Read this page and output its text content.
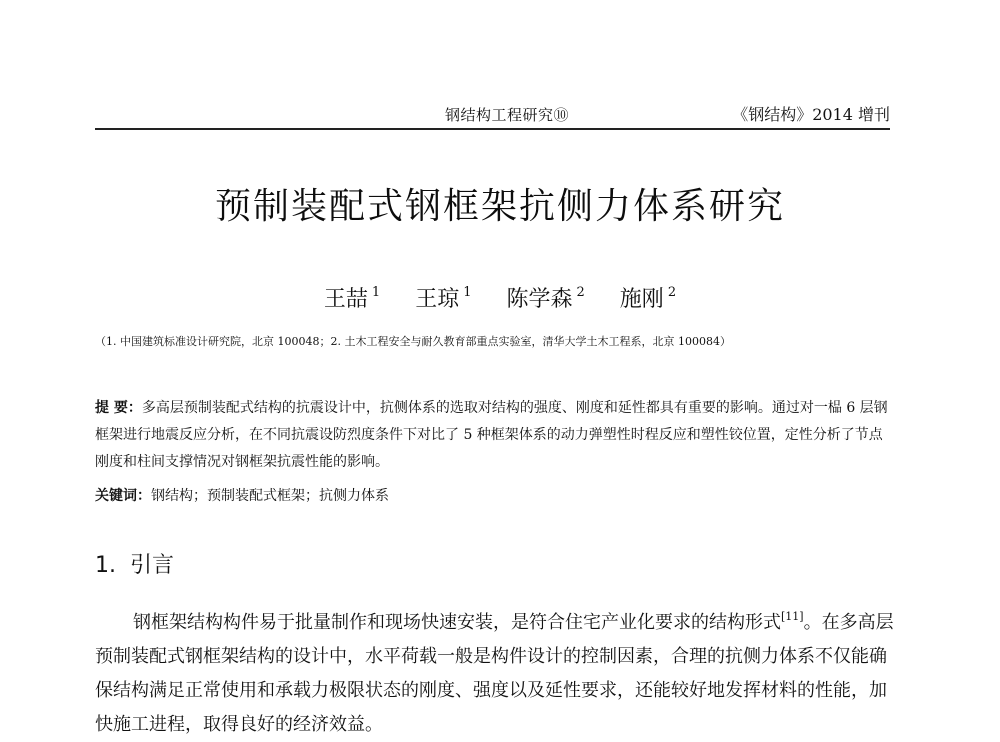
钢结构工程研究⑩	《钢结构》2014 增刊
预制装配式钢框架抗侧力体系研究
王喆 $^1$ 王琼 $^1$ 陈学森 $^2$ 施刚 $^2$
（1. 中国建筑标准设计研究院，北京 100048；2. 土木工程安全与耐久教育部重点实验室，清华大学土木工程系，北京 100084）
提 要：多高层预制装配式结构的抗震设计中，抗侧体系的选取对结构的强度、刚度和延性都具有重要的影响。通过对一榀 6 层钢框架进行地震反应分析，在不同抗震设防烈度条件下对比了 5 种框架体系的动力弹塑性时程反应和塑性铰位置，定性分析了节点刚度和柱间支撑情况对钢框架抗震性能的影响。
关键词：钢结构；预制装配式框架；抗侧力体系
1. 引言

钢框架结构构件易于批量制作和现场快速安装，是符合住宅产业化要求的结构形式[11]。在多高层预制装配式钢框架结构的设计中，水平荷载一般是构件设计的控制因素，合理的抗侧力体系不仅能确保结构满足正常使用和承载力极限状态的刚度、强度以及延性要求，还能较好地发挥材料的性能，加快施工进程，取得良好的经济效益。
